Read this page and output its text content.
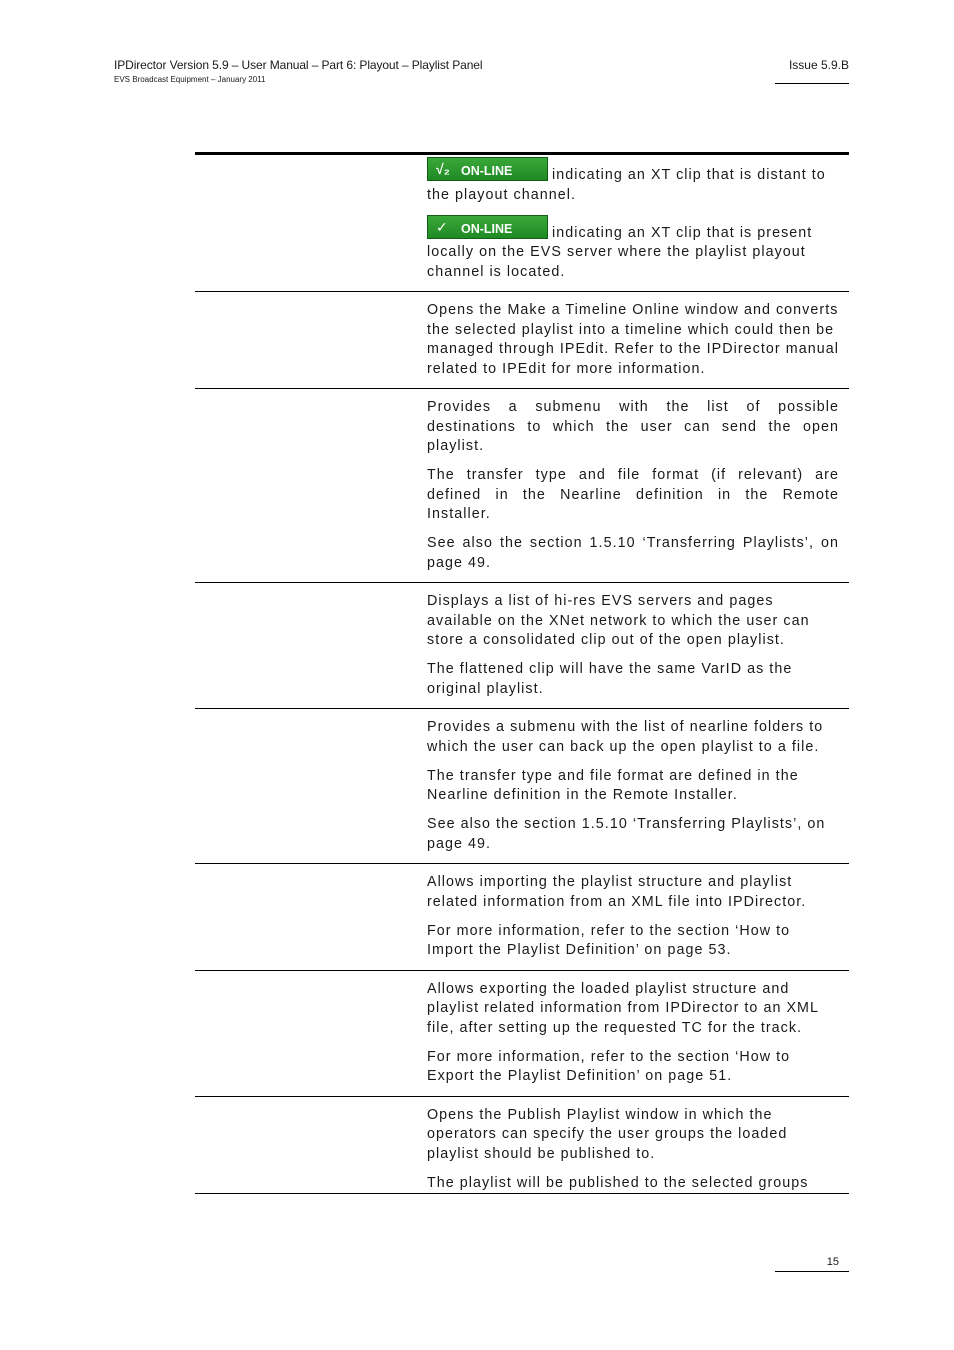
IPDirector Version 5.9 – User Manual – Part 6: Playout – Playlist Panel
EVS Broadcast Equipment – January 2011
Issue 5.9.B

√₂ ON-LINE	indicating an XT clip that is distant to the playout channel.

✓ ON-LINE	indicating an XT clip that is present locally on the EVS server where the playlist playout channel is located.

Opens the Make a Timeline Online window and converts the selected playlist into a timeline which could then be managed through IPEdit. Refer to the IPDirector manual related to IPEdit for more information.

Provides a submenu with the list of possible destinations to which the user can send the open playlist.

The transfer type and file format (if relevant) are defined in the Nearline definition in the Remote Installer.

See also the section 1.5.10 ‘Transferring Playlists’, on page 49.

Displays a list of hi-res EVS servers and pages available on the XNet network to which the user can store a consolidated clip out of the open playlist.

The flattened clip will have the same VarID as the original playlist.

Provides a submenu with the list of nearline folders to which the user can back up the open playlist to a file.

The transfer type and file format are defined in the Nearline definition in the Remote Installer.

See also the section 1.5.10 ‘Transferring Playlists’, on page 49.

Allows importing the playlist structure and playlist related information from an XML file into IPDirector.

For more information, refer to the section ‘How to Import the Playlist Definition’ on page 53.

Allows exporting the loaded playlist structure and playlist related information from IPDirector to an XML file, after setting up the requested TC for the track.

For more information, refer to the section ‘How to Export the Playlist Definition’ on page 51.

Opens the Publish Playlist window in which the operators can specify the user groups the loaded playlist should be published to.

The playlist will be published to the selected groups

15
